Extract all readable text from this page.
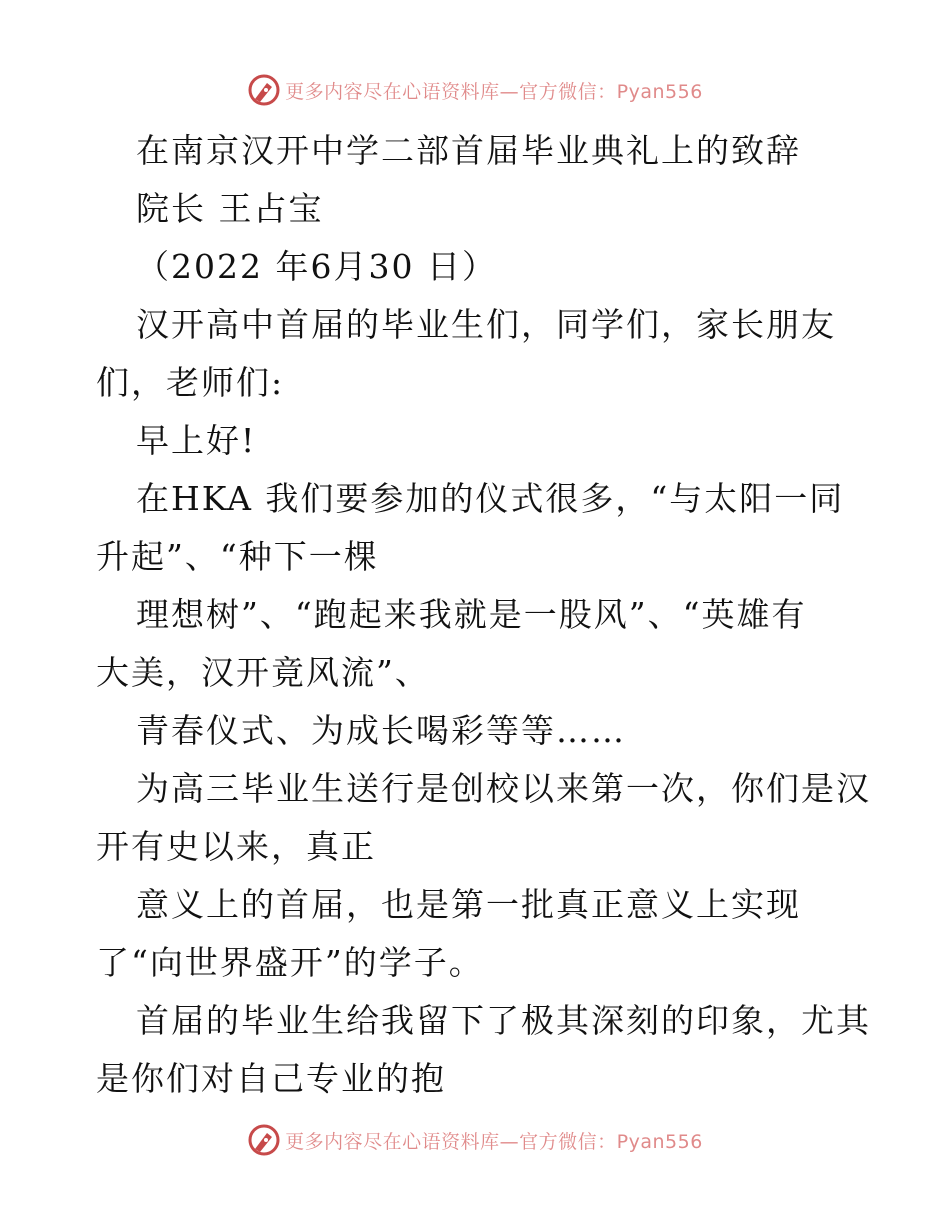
更多内容尽在心语资料库—官方微信：Pyan556
在南京汉开中学二部首届毕业典礼上的致辞
院长 王占宝
（2022 年6月30 日）
汉开高中首届的毕业生们，同学们，家长朋友
们，老师们:
早上好!
在HKA 我们要参加的仪式很多，“与太阳一同
升起”、“种下一棵
理想树”、“跑起来我就是一股风”、“英雄有
大美，汉开竟风流”、
青春仪式、为成长喝彩等等……
为高三毕业生送行是创校以来第一次，你们是汉
开有史以来，真正
意义上的首届，也是第一批真正意义上实现
了“向世界盛开”的学子。
首届的毕业生给我留下了极其深刻的印象，尤其
是你们对自己专业的抱
更多内容尽在心语资料库—官方微信：Pyan556
